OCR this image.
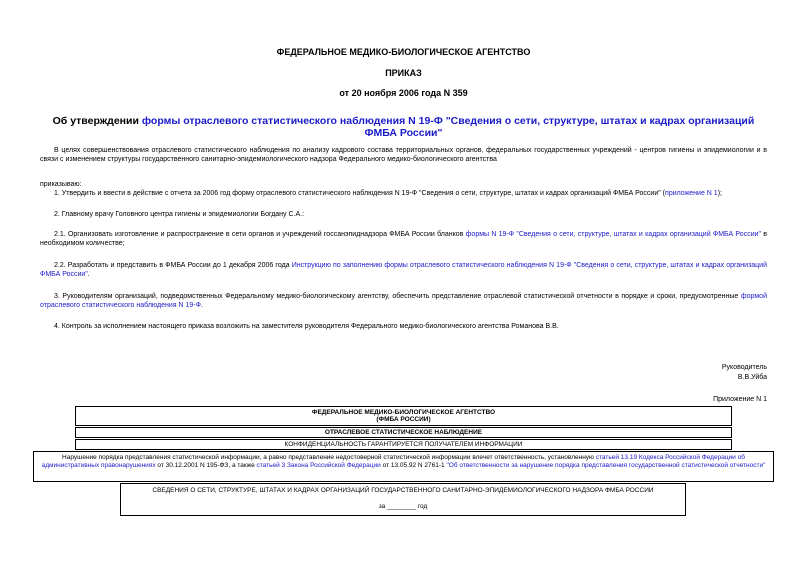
ФЕДЕРАЛЬНОЕ МЕДИКО-БИОЛОГИЧЕСКОЕ АГЕНТСТВО
ПРИКАЗ
от 20 ноября 2006 года N 359
Об утверждении формы отраслевого статистического наблюдения N 19-Ф "Сведения о сети, структуре, штатах и кадрах организаций ФМБА России"
В целях совершенствования отраслевого статистического наблюдения по анализу кадрового состава территориальных органов, федеральных государственных учреждений - центров гигиены и эпидемиологии и в связи с изменением структуры государственного санитарно-эпидемиологического надзора Федерального медико-биологического агентства
приказываю:
1. Утвердить и ввести в действие с отчета за 2006 год форму отраслевого статистического наблюдения N 19-Ф "Сведения о сети, структуре, штатах и кадрах организаций ФМБА России" (приложение N 1);
2. Главному врачу Головного центра гигиены и эпидемиологии Богдану С.А.:
2.1. Организовать изготовление и распространение в сети органов и учреждений госсанэпиднадзора ФМБА России бланков формы N 19-Ф "Сведения о сети, структуре, штатах и кадрах организаций ФМБА России" в необходимом количестве;
2.2. Разработать и представить в ФМБА России до 1 декабря 2006 года Инструкцию по заполнению формы отраслевого статистического наблюдения N 19-Ф "Сведения о сети, структуре, штатах и кадрах организаций ФМБА России".
3. Руководителям организаций, подведомственных Федеральному медико-биологическому агентству, обеспечить представление отраслевой статистической отчетности в порядке и сроки, предусмотренные формой отраслевого статистического наблюдения N 19-Ф.
4. Контроль за исполнением настоящего приказа возложить на заместителя руководителя Федерального медико-биологического агентства Романова В.В.
Руководитель
В.В.Уйба
Приложение N 1
ФЕДЕРАЛЬНОЕ МЕДИКО-БИОЛОГИЧЕСКОЕ АГЕНТСТВО
(ФМБА РОССИИ)
ОТРАСЛЕВОЕ СТАТИСТИЧЕСКОЕ НАБЛЮДЕНИЕ
КОНФИДЕНЦИАЛЬНОСТЬ ГАРАНТИРУЕТСЯ ПОЛУЧАТЕЛЕМ ИНФОРМАЦИИ
Нарушение порядка представления статистической информации, а равно представление недостоверной статистической информации влечет ответственность, установленную статьей 13.19 Кодекса Российской Федерации об административных правонарушениях от 30.12.2001 N 195-ФЗ, а также статьей 3 Закона Российской Федерации от 13.05.92 N 2761-1 "Об ответственности за нарушение порядка представления государственной статистической отчетности"
СВЕДЕНИЯ О СЕТИ, СТРУКТУРЕ, ШТАТАХ И КАДРАХ ОРГАНИЗАЦИЙ ГОСУДАРСТВЕННОГО САНИТАРНО-ЭПИДЕМИОЛОГИЧЕСКОГО НАДЗОРА ФМБА РОССИИ
за ________ год
